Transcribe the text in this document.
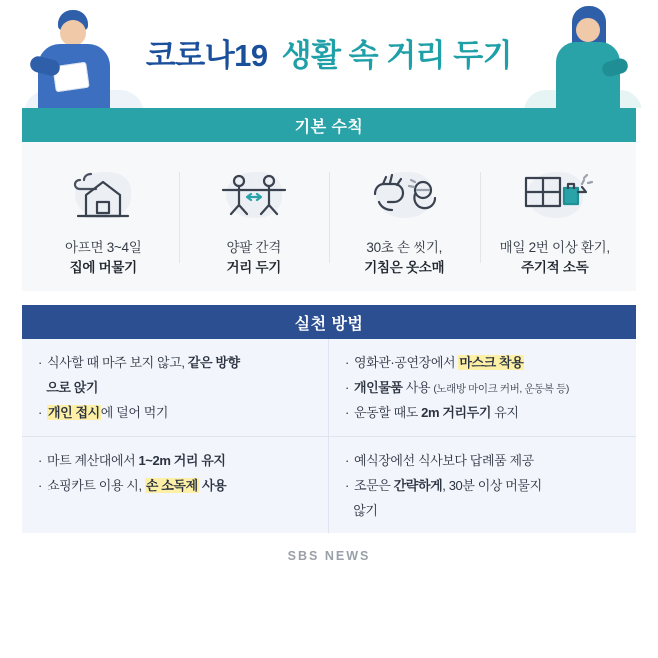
코로나19 생활 속 거리 두기
기본 수칙
아프면 3~4일
집에 머물기
양팔 간격
거리 두기
30초 손 씻기,
기침은 옷소매
매일 2번 이상 환기,
주기적 소독
실천 방법
· 식사할 때 마주 보지 않고, 같은 방향

으로 앉기
· 개인 접시에 덜어 먹기
· 마트 계산대에서 1~2m 거리 유지
· 쇼핑카트 이용 시, 손 소독제 사용
· 영화관·공연장에서 마스크 착용
· 개인물품 사용 (노래방 마이크 커버, 운동복 등)
· 운동할 때도 2m 거리두기 유지
· 예식장에선 식사보다 답례품 제공
· 조문은 간략하게, 30분 이상 머물지

않기
SBS NEWS
